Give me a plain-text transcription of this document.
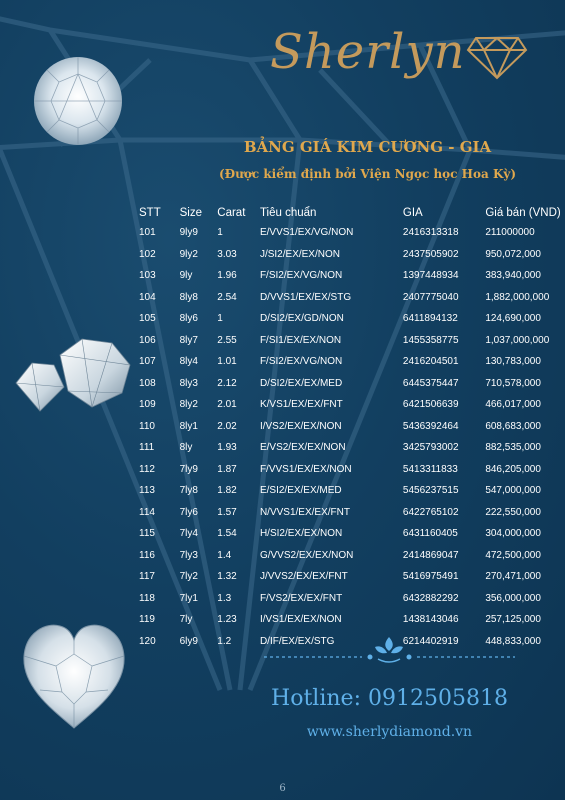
Sherlyn
BẢNG GIÁ KIM CƯƠNG - GIA
(Được kiểm định bởi Viện Ngọc học Hoa Kỳ)
STT	Size	Carat	Tiêu chuẩn	GIA	Giá bán (VND)
101	9ly9	1	E/VVS1/EX/VG/NON	2416313318	211000000
102	9ly2	3.03	J/SI2/EX/EX/NON	2437505902	950,072,000
103	9ly	1.96	F/SI2/EX/VG/NON	1397448934	383,940,000
104	8ly8	2.54	D/VVS1/EX/EX/STG	2407775040	1,882,000,000
105	8ly6	1	D/SI2/EX/GD/NON	6411894132	124,690,000
106	8ly7	2.55	F/SI1/EX/EX/NON	1455358775	1,037,000,000
107	8ly4	1.01	F/SI2/EX/VG/NON	2416204501	130,783,000
108	8ly3	2.12	D/SI2/EX/EX/MED	6445375447	710,578,000
109	8ly2	2.01	K/VS1/EX/EX/FNT	6421506639	466,017,000
110	8ly1	2.02	I/VS2/EX/EX/NON	5436392464	608,683,000
111	8ly	1.93	E/VS2/EX/EX/NON	3425793002	882,535,000
112	7ly9	1.87	F/VVS1/EX/EX/NON	5413311833	846,205,000
113	7ly8	1.82	E/SI2/EX/EX/MED	5456237515	547,000,000
114	7ly6	1.57	N/VVS1/EX/EX/FNT	6422765102	222,550,000
115	7ly4	1.54	H/SI2/EX/EX/NON	6431160405	304,000,000
116	7ly3	1.4	G/VVS2/EX/EX/NON	2414869047	472,500,000
117	7ly2	1.32	J/VVS2/EX/EX/FNT	5416975491	270,471,000
118	7ly1	1.3	F/VS2/EX/EX/FNT	6432882292	356,000,000
119	7ly	1.23	I/VS1/EX/EX/NON	1438143046	257,125,000
120	6ly9	1.2	D/IF/EX/EX/STG	6214402919	448,833,000
Hotline: 0912505818
www.sherlydiamond.vn
6
